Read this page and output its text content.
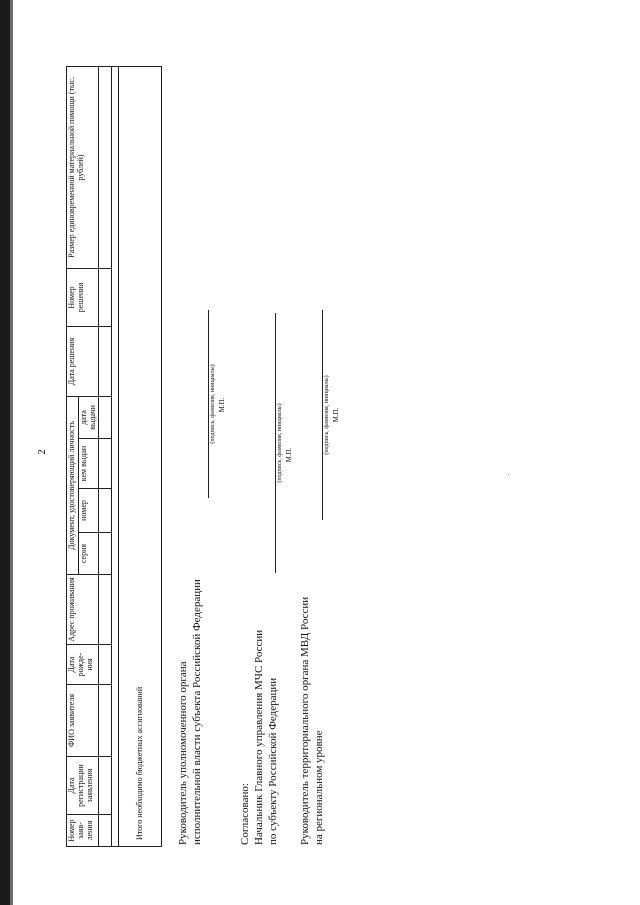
2
Номер заяв-ления	Дата регистрации заявления	ФИО заявителя	Дата рожде-ния	Адрес проживания	Документ, удостоверяющий личность				Дата решения	Номер решения	Размер единовременной материальной помощи (тыс. рублей)
					серия	номер	кем выдан	дата выдачи			

Итого необходимо бюджетных ассигнований												Руководитель уполномоченного органа исполнительной власти субъекта Российской Федерации
(подпись, фамилия, инициалы) М.П.
Согласовано: Начальник Главного управления МЧС России по субъекту Российской Федерации
(подпись, фамилия, инициалы) М.П.
Руководитель территориального органа МВД России на региональном уровне
(подпись, фамилия, инициалы) М.П.
